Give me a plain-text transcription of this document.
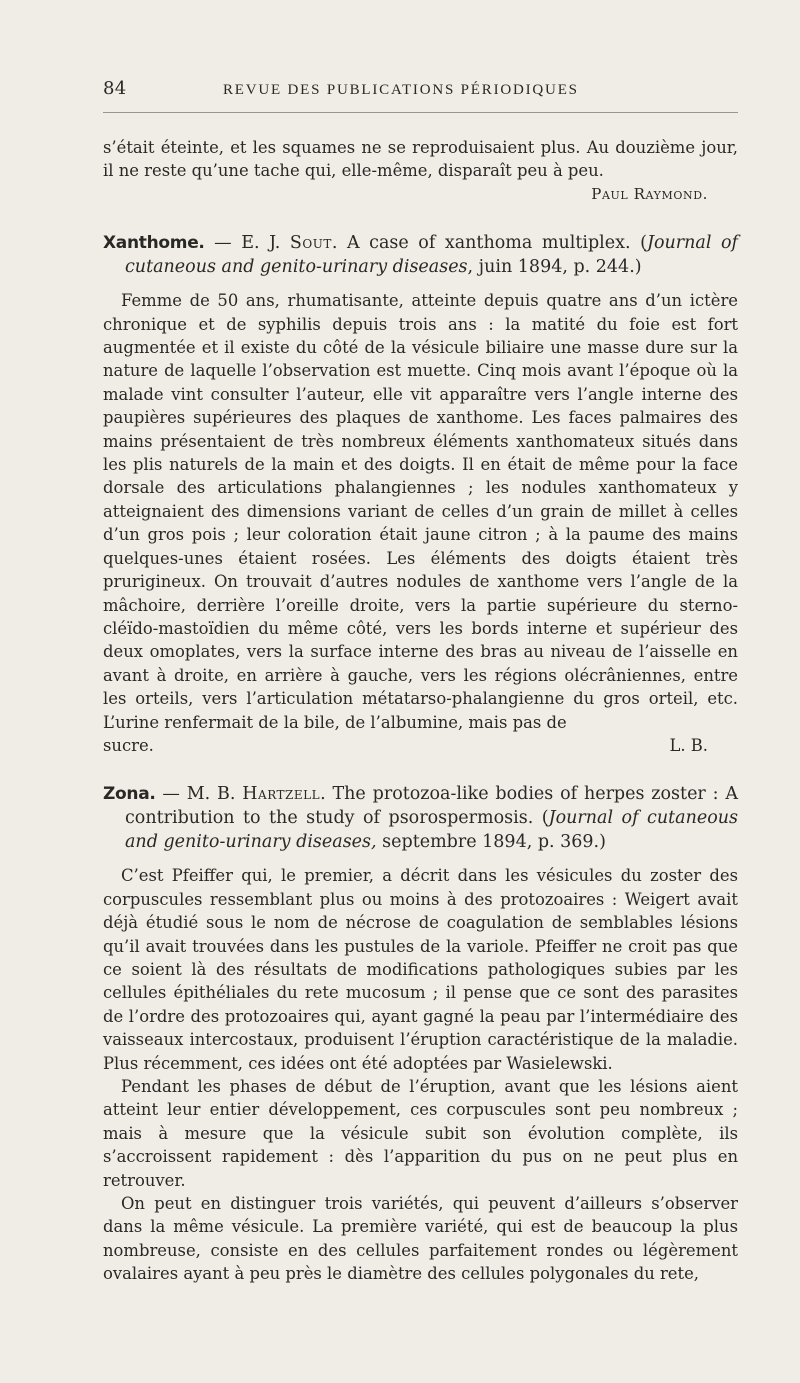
84	REVUE DES PUBLICATIONS PÉRIODIQUES

s’était éteinte, et les squames ne se reproduisaient plus. Au douzième jour, il ne reste qu’une tache qui, elle-même, disparaît peu à peu.

Paul Raymond.

Xanthome. — E. J. Sout. A case of xanthoma multiplex. (Journal of cutaneous and genito-urinary diseases, juin 1894, p. 244.)

Femme de 50 ans, rhumatisante, atteinte depuis quatre ans d’un ictère chronique et de syphilis depuis trois ans : la matité du foie est fort augmentée et il existe du côté de la vésicule biliaire une masse dure sur la nature de laquelle l’observation est muette. Cinq mois avant l’époque où la malade vint consulter l’auteur, elle vit apparaître vers l’angle interne des paupières supérieures des plaques de xanthome. Les faces palmaires des mains présentaient de très nombreux éléments xanthomateux situés dans les plis naturels de la main et des doigts. Il en était de même pour la face dorsale des articulations phalangiennes ; les nodules xanthomateux y atteignaient des dimensions variant de celles d’un grain de millet à celles d’un gros pois ; leur coloration était jaune citron ; à la paume des mains quelques-unes étaient rosées. Les éléments des doigts étaient très prurigineux. On trouvait d’autres nodules de xanthome vers l’angle de la mâchoire, derrière l’oreille droite, vers la partie supérieure du sterno-cléïdo-mastoïdien du même côté, vers les bords interne et supérieur des deux omoplates, vers la surface interne des bras au niveau de l’aisselle en avant à droite, en arrière à gauche, vers les régions olécrâniennes, entre les orteils, vers l’articulation métatarso-phalangienne du gros orteil, etc. L’urine renfermait de la bile, de l’albumine, mais pas de

sucre.	L. B.

Zona. — M. B. Hartzell. The protozoa-like bodies of herpes zoster : A contribution to the study of psorospermosis. (Journal of cutaneous and genito-urinary diseases, septembre 1894, p. 369.)

C’est Pfeiffer qui, le premier, a décrit dans les vésicules du zoster des corpuscules ressemblant plus ou moins à des protozoaires : Weigert avait déjà étudié sous le nom de nécrose de coagulation de semblables lésions qu’il avait trouvées dans les pustules de la variole. Pfeiffer ne croit pas que ce soient là des résultats de modifications pathologiques subies par les cellules épithéliales du rete mucosum ; il pense que ce sont des parasites de l’ordre des protozoaires qui, ayant gagné la peau par l’intermédiaire des vaisseaux intercostaux, produisent l’éruption caractéristique de la maladie. Plus récemment, ces idées ont été adoptées par Wasielewski.

Pendant les phases de début de l’éruption, avant que les lésions aient atteint leur entier développement, ces corpuscules sont peu nombreux ; mais à mesure que la vésicule subit son évolution complète, ils s’accroissent rapidement : dès l’apparition du pus on ne peut plus en retrouver.

On peut en distinguer trois variétés, qui peuvent d’ailleurs s’observer dans la même vésicule. La première variété, qui est de beaucoup la plus nombreuse, consiste en des cellules parfaitement rondes ou légèrement ovalaires ayant à peu près le diamètre des cellules polygonales du rete,
